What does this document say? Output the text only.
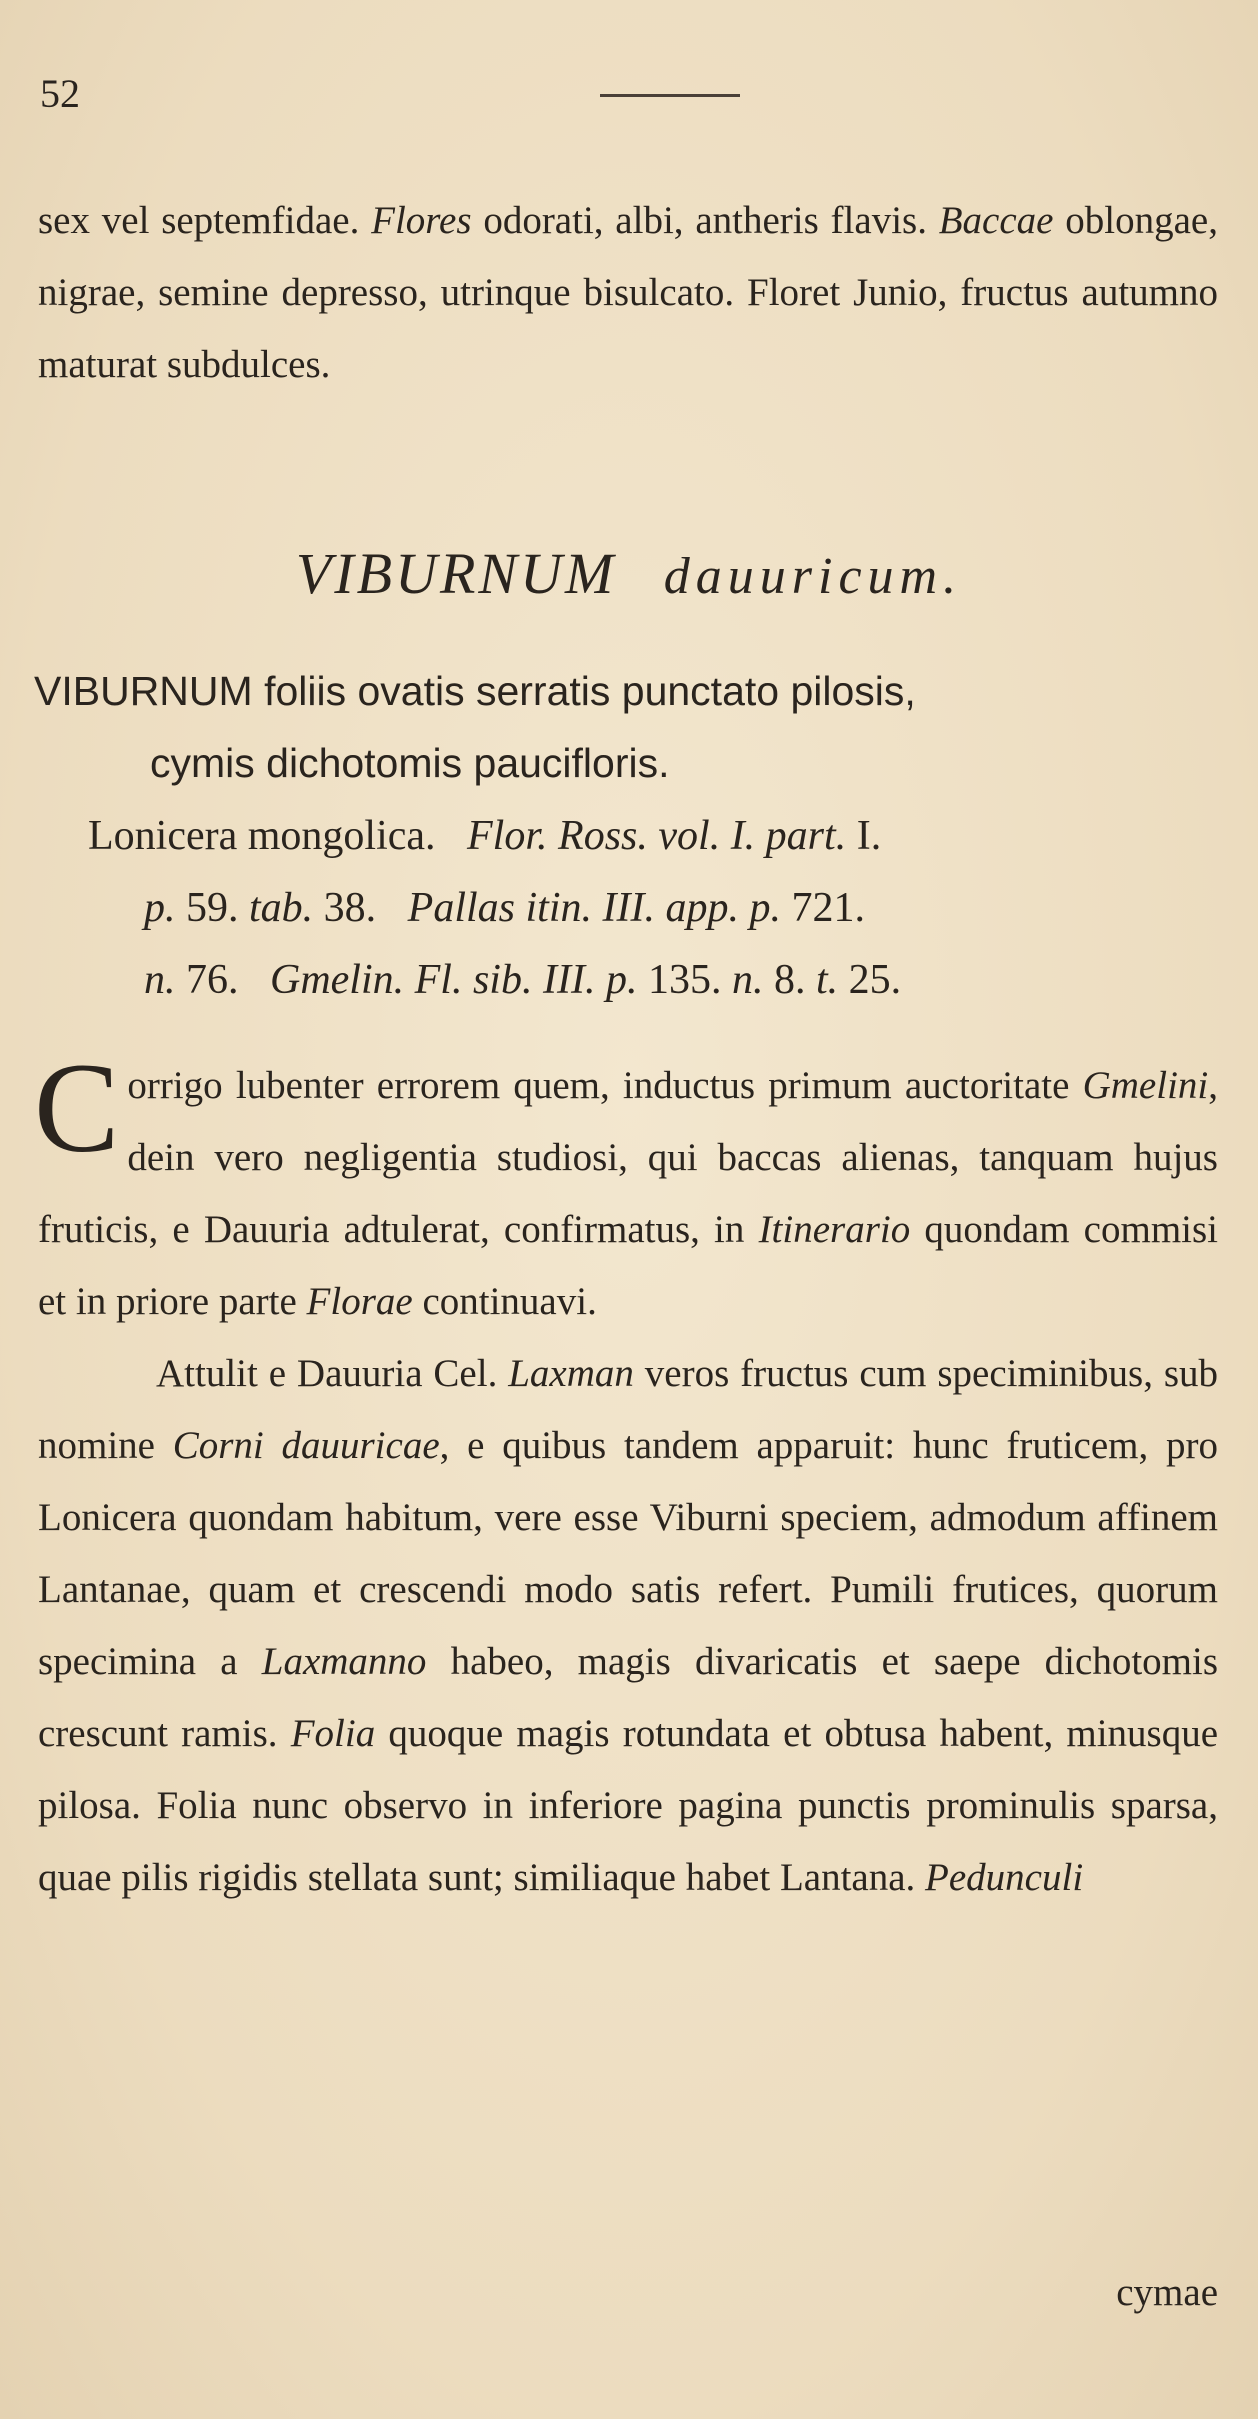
52
sex vel septemfidae. Flores odorati, albi, antheris flavis. Baccae oblongae, nigrae, semine depresso, utrinque bisulcato. Floret Junio, fructus autumno maturat subdulces.
VIBURNUM dauuricum.
VIBURNUM foliis ovatis serratis punctato pilosis,
cymis dichotomis paucifloris.
Lonicera mongolica. Flor. Ross. vol. I. part. I.
p. 59. tab. 38. Pallas itin. III. app. p. 721.
n. 76. Gmelin. Fl. sib. III. p. 135. n. 8. t. 25.

C orrigo lubenter errorem quem, inductus primum auctoritate Gmelini, dein vero negligentia studiosi, qui baccas alienas, tanquam hujus fruticis, e Dauuria adtulerat, confirmatus, in Itinerario quondam commisi et in priore parte Florae continuavi.

Attulit e Dauuria Cel. Laxman veros fructus cum speciminibus, sub nomine Corni dauuricae, e quibus tandem apparuit: hunc fruticem, pro Lonicera quondam habitum, vere esse Viburni speciem, admodum affinem Lantanae, quam et crescendi modo satis refert. Pumili frutices, quorum specimina a Laxmanno habeo, magis divaricatis et saepe dichotomis crescunt ramis. Folia quoque magis rotundata et obtusa habent, minusque pilosa. Folia nunc observo in inferiore pagina punctis prominulis sparsa, quae pilis rigidis stellata sunt; similiaque habet Lantana. Pedunculi

cymae
